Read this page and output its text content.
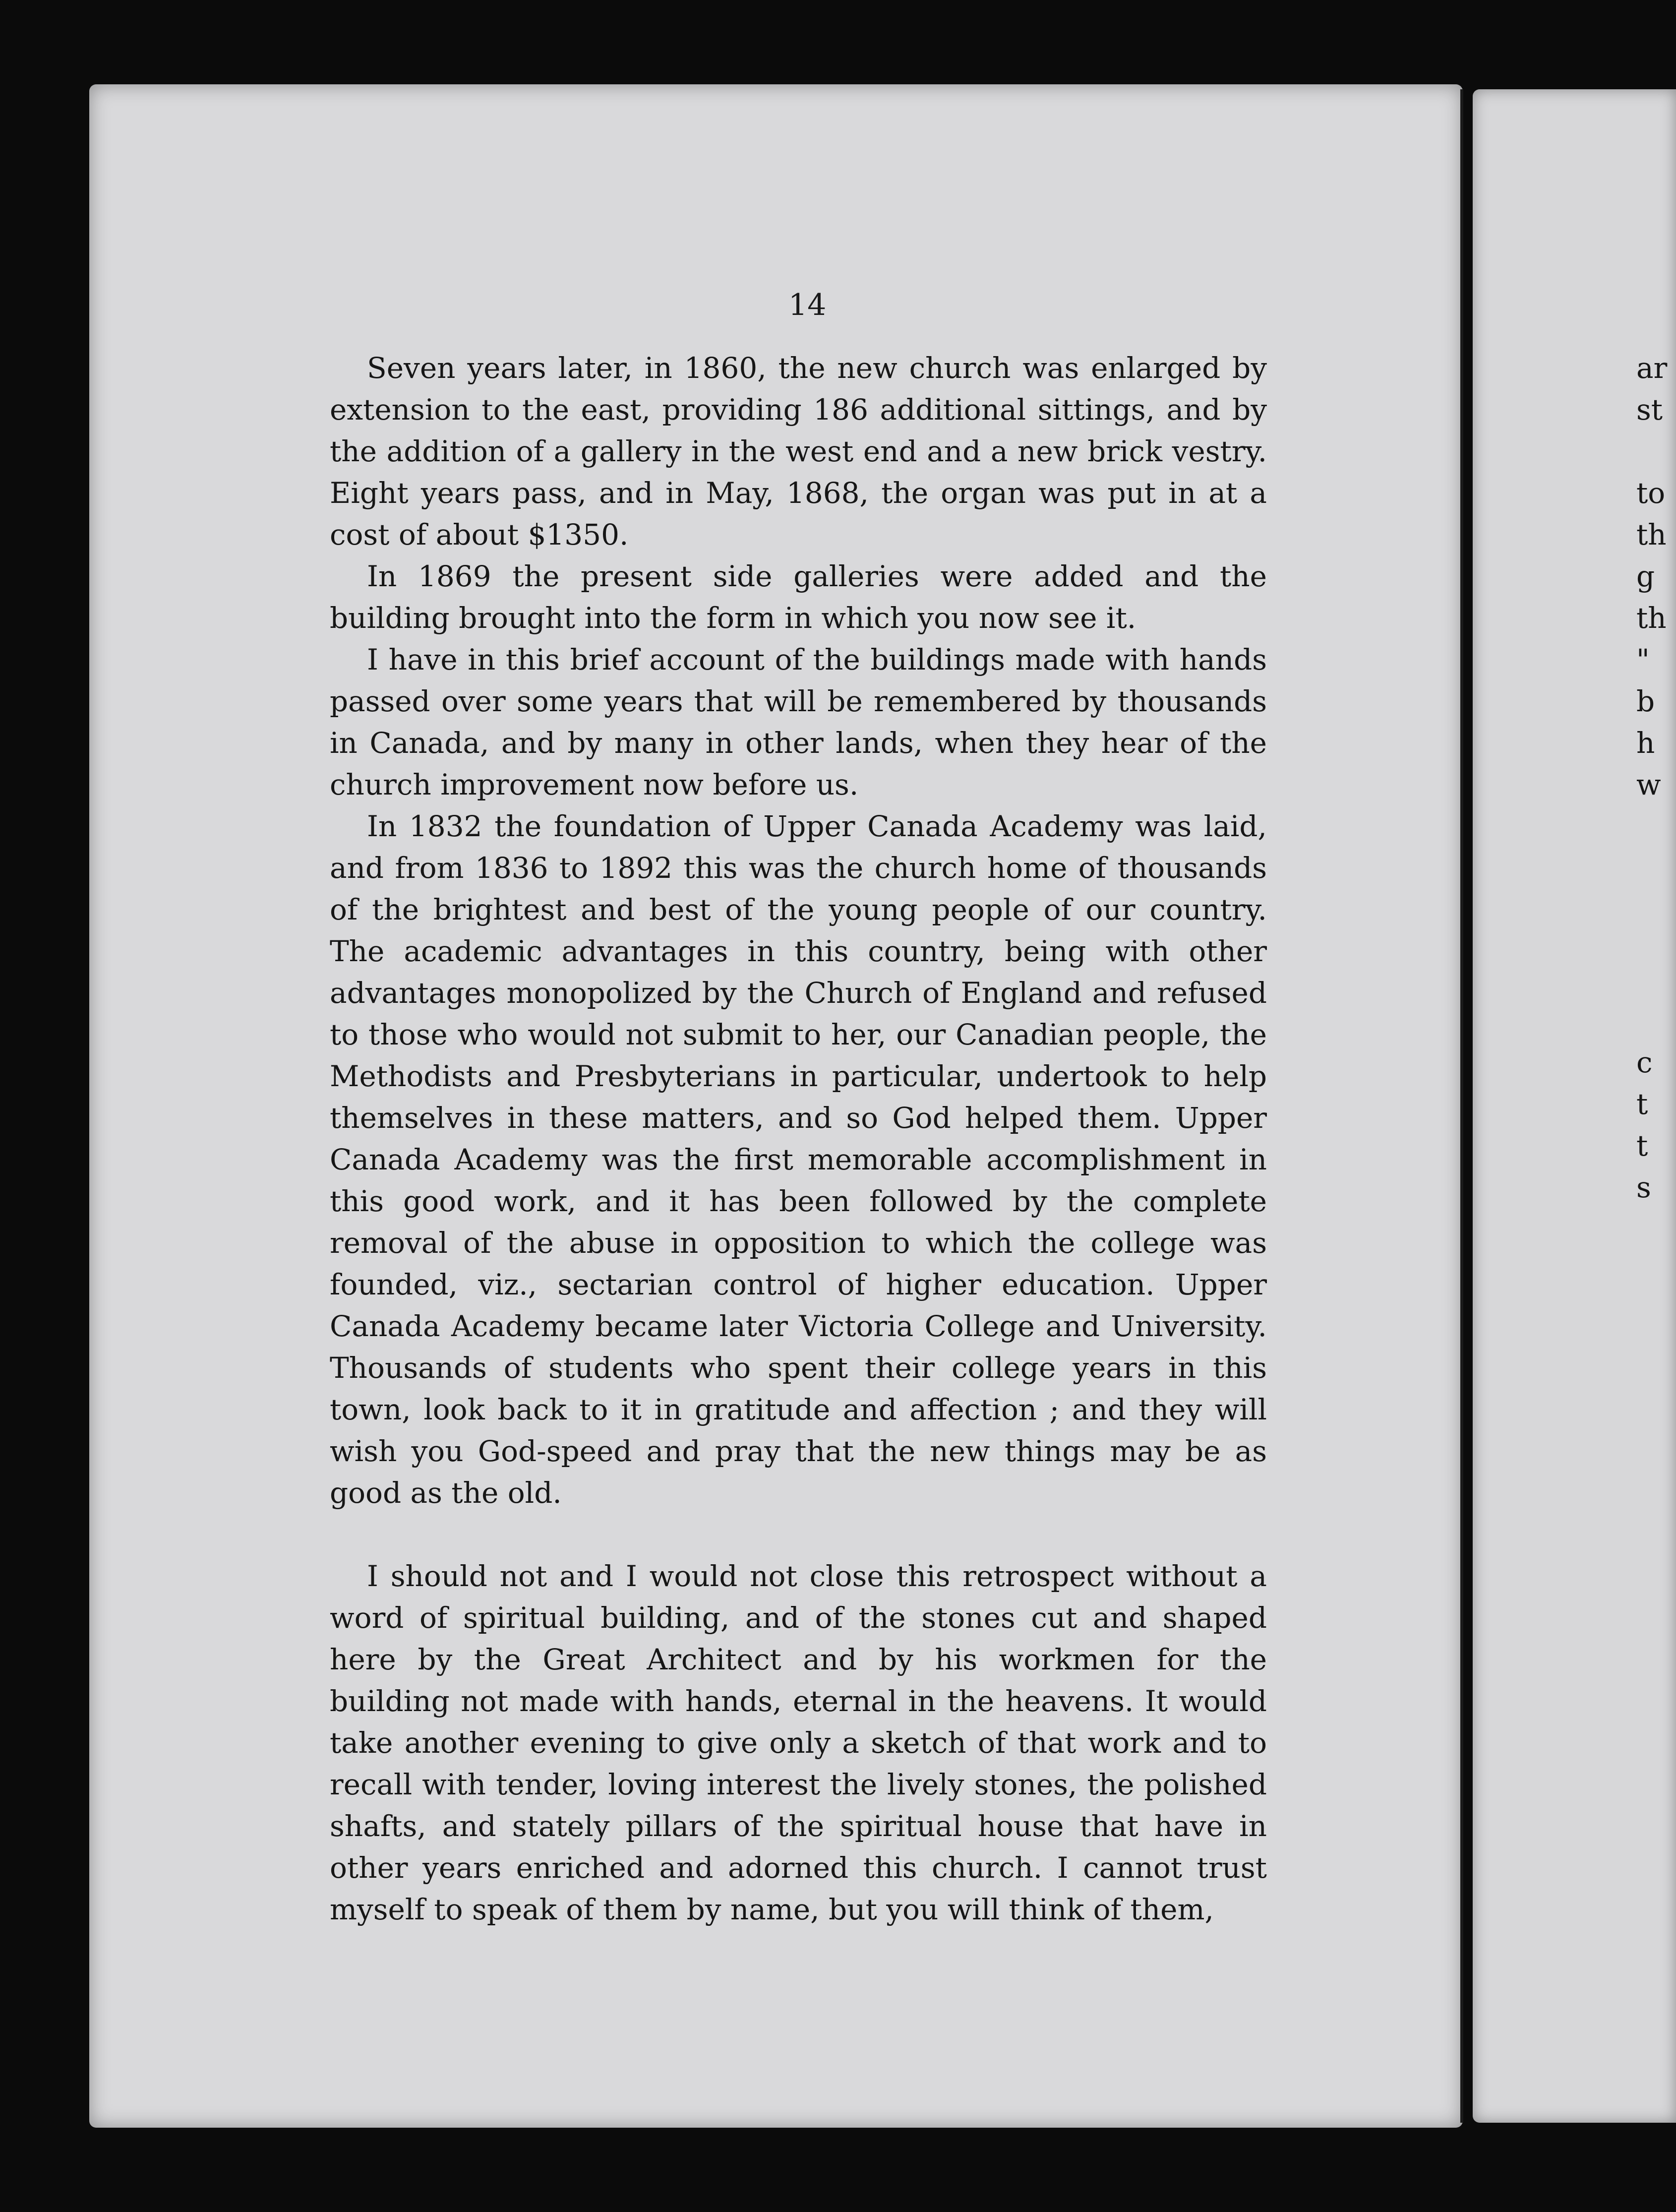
14

Seven years later, in 1860, the new church was enlarged by extension to the east, providing 186 additional sittings, and by the addition of a gallery in the west end and a new brick vestry. Eight years pass, and in May, 1868, the organ was put in at a cost of about $1350.

In 1869 the present side galleries were added and the building brought into the form in which you now see it.

I have in this brief account of the buildings made with hands passed over some years that will be remembered by thousands in Canada, and by many in other lands, when they hear of the church improvement now before us.

In 1832 the foundation of Upper Canada Academy was laid, and from 1836 to 1892 this was the church home of thousands of the brightest and best of the young people of our country. The academic advantages in this country, being with other advantages monopolized by the Church of England and refused to those who would not submit to her, our Canadian people, the Methodists and Presbyterians in particular, undertook to help themselves in these matters, and so God helped them. Upper Canada Academy was the first memorable accomplishment in this good work, and it has been followed by the complete removal of the abuse in opposition to which the college was founded, viz., sectarian control of higher education. Upper Canada Academy became later Victoria College and University. Thousands of students who spent their college years in this town, look back to it in gratitude and affection ; and they will wish you God-speed and pray that the new things may be as good as the old.

I should not and I would not close this retrospect without a word of spiritual building, and of the stones cut and shaped here by the Great Architect and by his workmen for the building not made with hands, eternal in the heavens. It would take another evening to give only a sketch of that work and to recall with tender, loving interest the lively stones, the polished shafts, and stately pillars of the spiritual house that have in other years enriched and adorned this church. I cannot trust myself to speak of them by name, but you will think of them,

ar
st

to
th
g
th
"
b
h
w
c
t
t
s
